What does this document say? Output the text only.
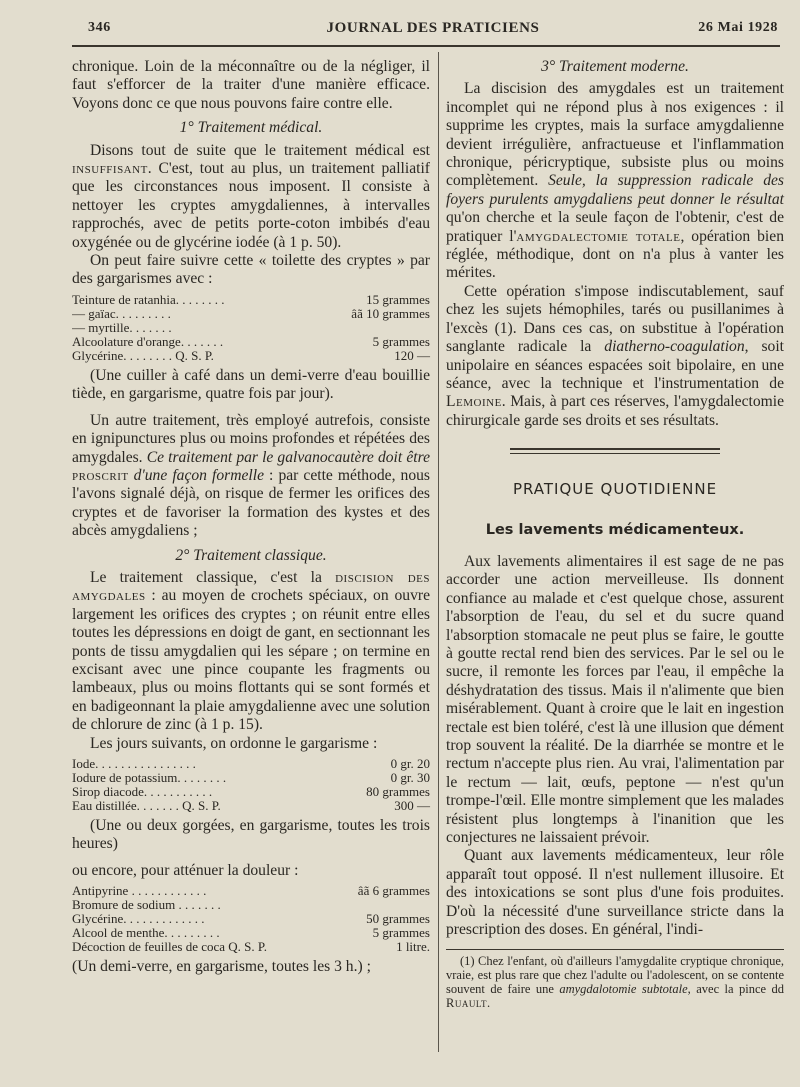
346	JOURNAL DES PRATICIENS	26 Mai 1928

chronique. Loin de la méconnaître ou de la négliger, il faut s'efforcer de la traiter d'une manière efficace. Voyons donc ce que nous pouvons faire contre elle.

1° Traitement médical.

Disons tout de suite que le traitement médical est insuffisant. C'est, tout au plus, un traitement palliatif que les circonstances nous imposent. Il consiste à nettoyer les cryptes amygdaliennes, à intervalles rapprochés, avec de petits porte-coton imbibés d'eau oxygénée ou de glycérine iodée (à 1 p. 50).

On peut faire suivre cette « toilette des cryptes » par des gargarismes avec :

Teinture de ratanhia. . . . . . . .	15 grammes
— gaïac. . . . . . . . .	âã 10 grammes
— myrtille. . . . . . .
Alcoolature d'orange. . . . . . .	5 grammes
Glycérine. . . . . . . . Q. S. P.	120 —

(Une cuiller à café dans un demi-verre d'eau bouillie tiède, en gargarisme, quatre fois par jour).

Un autre traitement, très employé autrefois, consiste en ignipunctures plus ou moins profondes et répétées des amygdales. Ce traitement par le galvanocautère doit être proscrit d'une façon formelle : par cette méthode, nous l'avons signalé déjà, on risque de fermer les orifices des cryptes et de favoriser la formation des kystes et des abcès amygdaliens ;

2° Traitement classique.

Le traitement classique, c'est la discision des amygdales : au moyen de crochets spéciaux, on ouvre largement les orifices des cryptes ; on réunit entre elles toutes les dépressions en doigt de gant, en sectionnant les ponts de tissu amygdalien qui les sépare ; on termine en excisant avec une pince coupante les fragments ou lambeaux, plus ou moins flottants qui se sont formés et en badigeonnant la plaie amygdalienne avec une solution de chlorure de zinc (à 1 p. 15).

Les jours suivants, on ordonne le gargarisme :

Iode. . . . . . . . . . . . . . . .	0 gr. 20
Iodure de potassium. . . . . . . .	0 gr. 30
Sirop diacode. . . . . . . . . . .	80 grammes
Eau distillée. . . . . . . Q. S. P.	300 —

(Une ou deux gorgées, en gargarisme, toutes les trois heures)

ou encore, pour atténuer la douleur :

Antipyrine . . . . . . . . . . . .	âã 6 grammes
Bromure de sodium . . . . . . .
Glycérine. . . . . . . . . . . . .	50 grammes
Alcool de menthe. . . . . . . . .	5 grammes
Décoction de feuilles de coca Q. S. P.	1 litre.

(Un demi-verre, en gargarisme, toutes les 3 h.) ;

3° Traitement moderne.

La discision des amygdales est un traitement incomplet qui ne répond plus à nos exigences : il supprime les cryptes, mais la surface amygdalienne devient irrégulière, anfractueuse et l'inflammation chronique, péricryptique, subsiste plus ou moins complètement. Seule, la suppression radicale des foyers purulents amygdaliens peut donner le résultat qu'on cherche et la seule façon de l'obtenir, c'est de pratiquer l'amygdalectomie totale, opération bien réglée, méthodique, dont on n'a plus à vanter les mérites.

Cette opération s'impose indiscutablement, sauf chez les sujets hémophiles, tarés ou pusillanimes à l'excès (1). Dans ces cas, on substitue à l'opération sanglante radicale la diatherno-coagulation, soit unipolaire en séances espacées soit bipolaire, en une séance, avec la technique et l'instrumentation de Lemoine. Mais, à part ces réserves, l'amygdalectomie chirurgicale garde ses droits et ses résultats.

PRATIQUE QUOTIDIENNE

Les lavements médicamenteux.

Aux lavements alimentaires il est sage de ne pas accorder une action merveilleuse. Ils donnent confiance au malade et c'est quelque chose, assurent l'absorption de l'eau, du sel et du sucre quand l'absorption stomacale ne peut plus se faire, le goutte à goutte rectal rend bien des services. Par le sel ou le sucre, il remonte les forces par l'eau, il empêche la déshydratation des tissus. Mais il n'alimente que bien misérablement. Quant à croire que le lait en ingestion rectale est bien toléré, c'est là une illusion que dément trop souvent la réalité. De la diarrhée se montre et le rectum n'accepte plus rien. Au vrai, l'alimentation par le rectum — lait, œufs, peptone — n'est qu'un trompe-l'œil. Elle montre simplement que les malades résistent plus longtemps à l'inanition que les conjectures ne laissaient prévoir.

Quant aux lavements médicamenteux, leur rôle apparaît tout opposé. Il n'est nullement illusoire. Et des intoxications se sont plus d'une fois produites. D'où la nécessité d'une surveillance stricte dans la prescription des doses. En général, l'indi-

(1) Chez l'enfant, où d'ailleurs l'amygdalite cryptique chronique, vraie, est plus rare que chez l'adulte ou l'adolescent, on se contente souvent de faire une amygdalotomie subtotale, avec la pince dd Ruault.
